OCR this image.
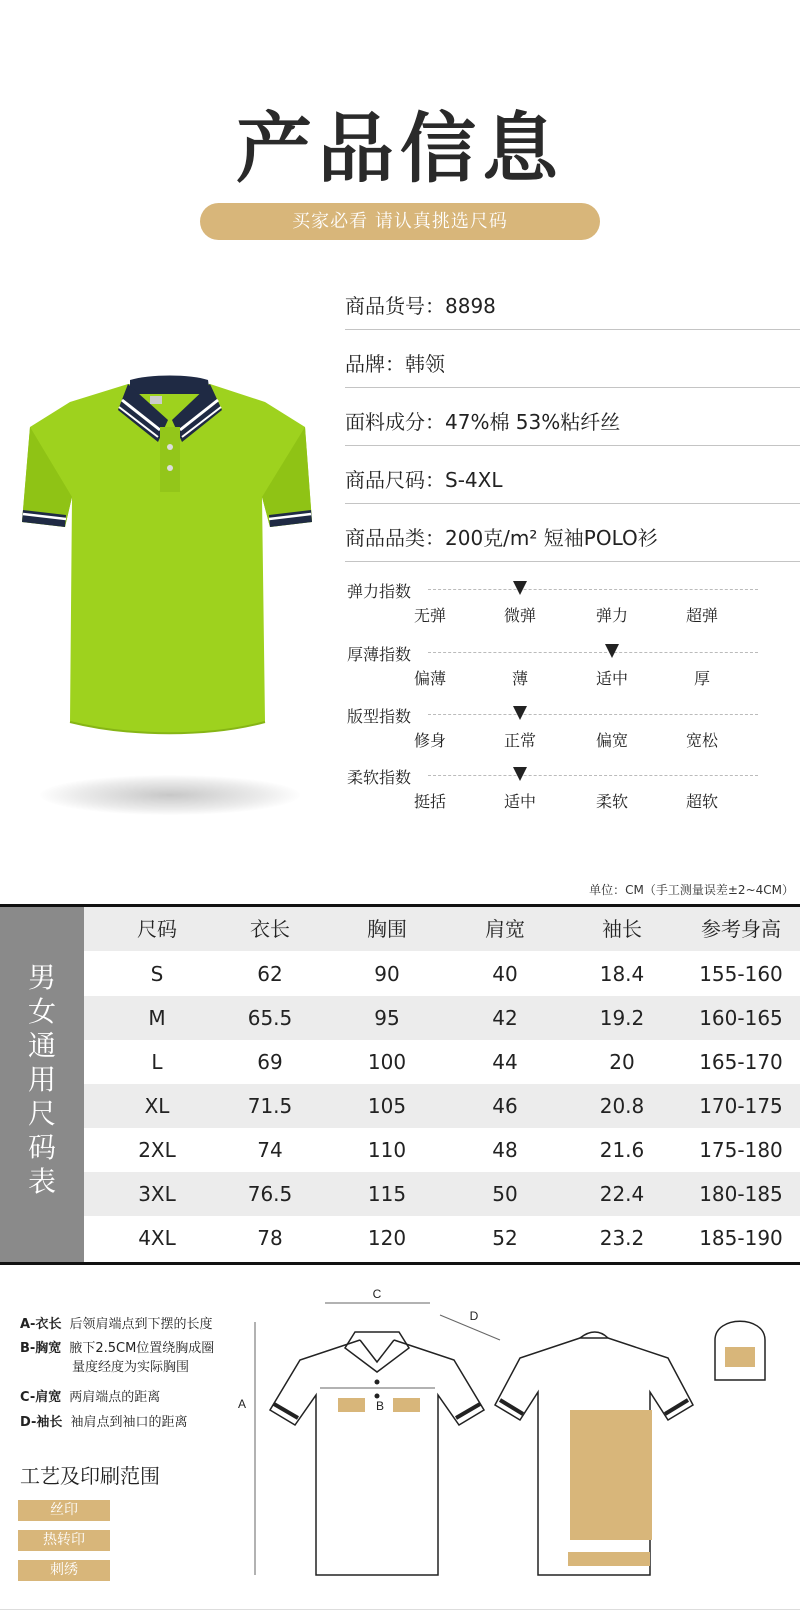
产品信息
买家必看 请认真挑选尺码
商品货号：8898
品牌：韩领
面料成分：47%棉 53%粘纤丝
商品尺码：S-4XL
商品品类：200克/m² 短袖POLO衫
弹力指数
无弹	微弹	弹力	超弹
厚薄指数
偏薄	薄	适中	厚
版型指数
修身	正常	偏宽	宽松
柔软指数
挺括	适中	柔软	超软
单位：CM（手工测量误差±2~4CM）
男
女
通
用
尺
码
表
尺码	衣长	胸围	肩宽	袖长	参考身高
S	62	90	40	18.4	155-160
M	65.5	95	42	19.2	160-165
L	69	100	44	20	165-170
XL	71.5	105	46	20.8	170-175
2XL	74	110	48	21.6	175-180
3XL	76.5	115	50	22.4	180-185
4XL	78	120	52	23.2	185-190
A-衣长 后领肩端点到下摆的长度
B-胸宽 腋下2.5CM位置绕胸成圈
量度经度为实际胸围
C-肩宽 两肩端点的距离
D-袖长 袖肩点到袖口的距离
工艺及印刷范围
丝印
热转印
刺绣
C
A	B
D
